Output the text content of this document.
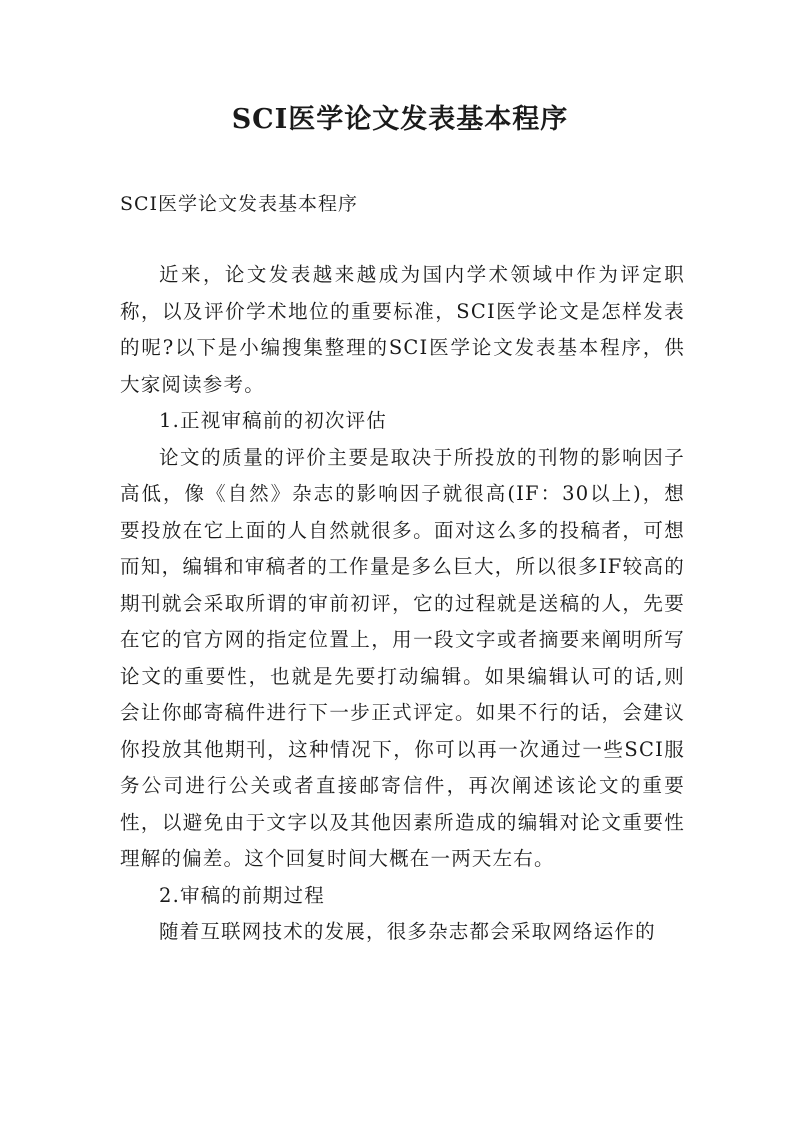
SCI医学论文发表基本程序

SCI医学论文发表基本程序

近来，论文发表越来越成为国内学术领域中作为评定职称，以及评价学术地位的重要标准，SCI医学论文是怎样发表的呢?以下是小编搜集整理的SCI医学论文发表基本程序，供大家阅读参考。

1.正视审稿前的初次评估

论文的质量的评价主要是取决于所投放的刊物的影响因子高低，像《自然》杂志的影响因子就很高(IF：30以上)，想要投放在它上面的人自然就很多。面对这么多的投稿者，可想而知，编辑和审稿者的工作量是多么巨大，所以很多IF较高的期刊就会采取所谓的审前初评，它的过程就是送稿的人，先要在它的官方网的指定位置上，用一段文字或者摘要来阐明所写论文的重要性，也就是先要打动编辑。如果编辑认可的话,则会让你邮寄稿件进行下一步正式评定。如果不行的话，会建议你投放其他期刊，这种情况下，你可以再一次通过一些SCI服务公司进行公关或者直接邮寄信件，再次阐述该论文的重要性，以避免由于文字以及其他因素所造成的编辑对论文重要性理解的偏差。这个回复时间大概在一两天左右。

2.审稿的前期过程

随着互联网技术的发展，很多杂志都会采取网络运作的
